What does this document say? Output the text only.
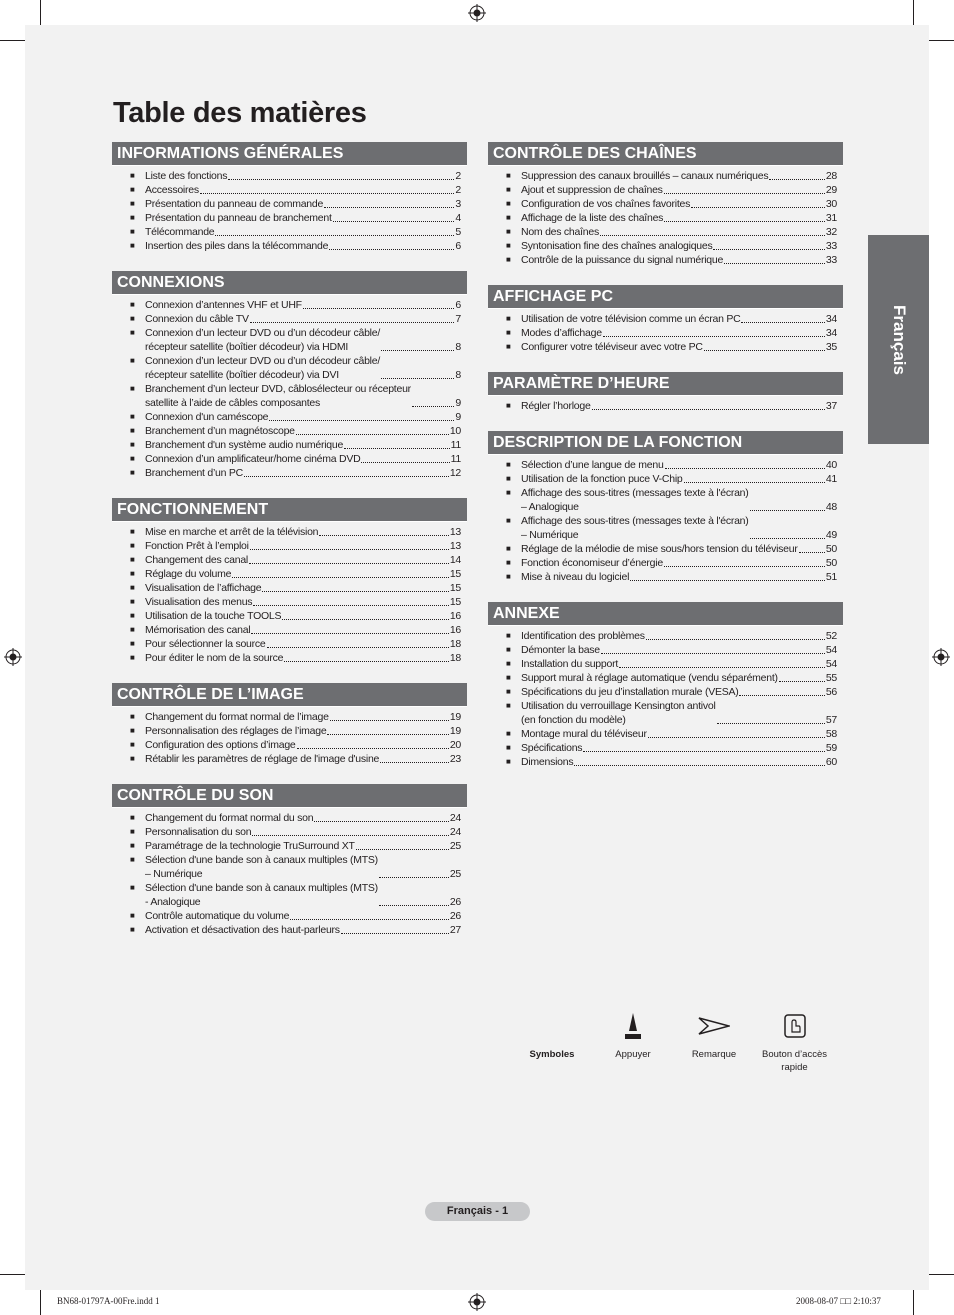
Table des matières
INFORMATIONS GÉNÉRALES
■ Liste des fonctions	2
■ Accessoires	2
■ Présentation du panneau de commande	3
■ Présentation du panneau de branchement	4
■ Télécommande	5
■ Insertion des piles dans la télécommande	6
CONNEXIONS
■ Connexion d’antennes VHF et UHF	6
■ Connexion du câble TV	7
■ Connexion d’un lecteur DVD ou d’un décodeur câble/
récepteur satellite (boîtier décodeur) via HDMI	8
■ Connexion d’un lecteur DVD ou d’un décodeur câble/
récepteur satellite (boîtier décodeur) via DVI	8
■ Branchement d’un lecteur DVD, câblosélecteur ou récepteur
satellite à l’aide de câbles composantes	9
■ Connexion d'un caméscope	9
■ Branchement d’un magnétoscope	10
■ Branchement d'un système audio numérique	11
■ Connexion d’un amplificateur/home cinéma DVD	11
■ Branchement d’un PC	12
FONCTIONNEMENT
■ Mise en marche et arrêt de la télévision	13
■ Fonction Prêt à l’emploi	13
■ Changement des canal	14
■ Réglage du volume	15
■ Visualisation de l’affichage	15
■ Visualisation des menus	15
■ Utilisation de la touche TOOLS	16
■ Mémorisation des canal	16
■ Pour sélectionner la source	18
■ Pour éditer le nom de la source	18
CONTRÔLE DE L’IMAGE
■ Changement du format normal de l’image	19
■ Personnalisation des réglages de l’image	19
■ Configuration des options d’image	20
■ Rétablir les paramètres de réglage de l'image d'usine	23
CONTRÔLE DU SON
■ Changement du format normal du son	24
■ Personnalisation du son	24
■ Paramétrage de la technologie TruSurround XT	25
■ Sélection d'une bande son à canaux multiples (MTS)
– Numérique	25
■ Sélection d'une bande son à canaux multiples (MTS)
- Analogique	26
■ Contrôle automatique du volume	26
■ Activation et désactivation des haut-parleurs	27
CONTRÔLE DES CHAÎNES
■ Suppression des canaux brouillés – canaux numériques	28
■ Ajout et suppression de chaînes	29
■ Configuration de vos chaînes favorites	30
■ Affichage de la liste des chaînes	31
■ Nom des chaînes	32
■ Syntonisation fine des chaînes analogiques	33
■ Contrôle de la puissance du signal numérique	33
AFFICHAGE PC
■ Utilisation de votre télévision comme un écran PC	34
■ Modes d’affichage	34
■ Configurer votre téléviseur avec votre PC	35
PARAMÈTRE D’HEURE
■ Régler l’horloge	37
DESCRIPTION DE LA FONCTION
■ Sélection d’une langue de menu	40
■ Utilisation de la fonction puce V-Chip	41
■ Affichage des sous-titres (messages texte à l'écran)
– Analogique	48
■ Affichage des sous-titres (messages texte à l'écran)
– Numérique	49
■ Réglage de la mélodie de mise sous/hors tension du téléviseur	50
■ Fonction économiseur d’énergie	50
■ Mise à niveau du logiciel	51
ANNEXE
■ Identification des problèmes	52
■ Démonter la base	54
■ Installation du support	54
■ Support mural à réglage automatique (vendu séparément)	55
■ Spécifications du jeu d’installation murale (VESA)	56
■ Utilisation du verrouillage Kensington antivol
(en fonction du modèle)	57
■ Montage mural du téléviseur	58
■ Spécifications	59
■ Dimensions	60
Français
Symboles	Appuyer	Remarque	Bouton d’accès
rapide
Français - 1
BN68-01797A-00Fre.indd 1	2008-08-07 □□ 2:10:37
